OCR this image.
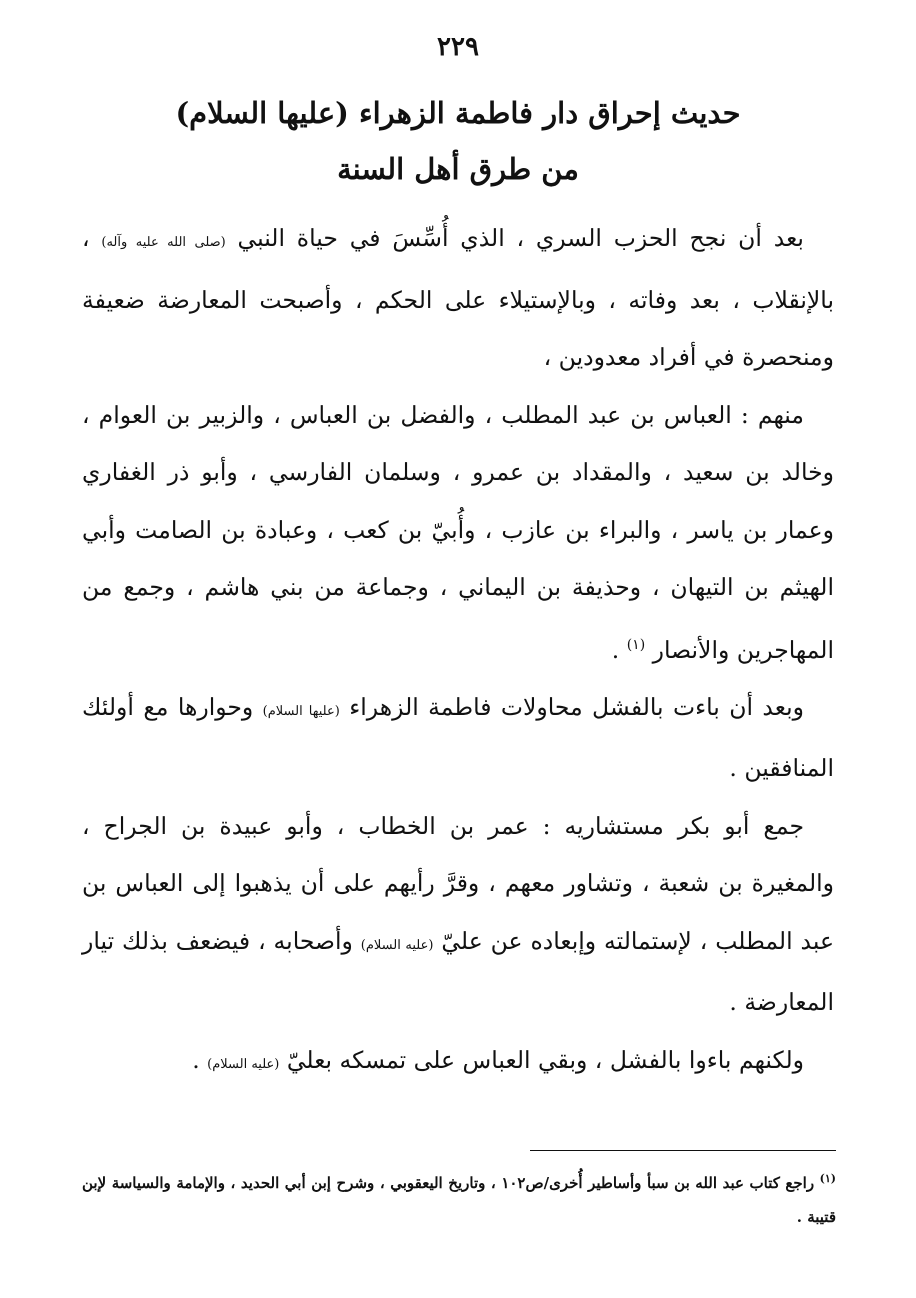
٢٢٩
حديث إحراق دار فاطمة الزهراء (عليها السلام)
من طرق أهل السنة

بعد أن نجح الحزب السري ، الذي أُسِّسَ في حياة النبي (صلى الله عليه وآله) ، بالإنقلاب ، بعد وفاته ، وبالإستيلاء على الحكم ، وأصبحت المعارضة ضعيفة ومنحصرة في أفراد معدودين ،

منهم : العباس بن عبد المطلب ، والفضل بن العباس ، والزبير بن العوام ، وخالد بن سعيد ، والمقداد بن عمرو ، وسلمان الفارسي ، وأبو ذر الغفاري وعمار بن ياسر ، والبراء بن عازب ، وأُبيّ بن كعب ، وعبادة بن الصامت وأبي الهيثم بن التيهان ، وحذيفة بن اليماني ، وجماعة من بني هاشم ، وجمع من المهاجرين والأنصار $^{(١)}$ .

وبعد أن باءت بالفشل محاولات فاطمة الزهراء (عليها السلام) وحوارها مع أولئك المنافقين .

جمع أبو بكر مستشاريه : عمر بن الخطاب ، وأبو عبيدة بن الجراح ، والمغيرة بن شعبة ، وتشاور معهم ، وقرَّ رأيهم على أن يذهبوا إلى العباس بن عبد المطلب ، لإستمالته وإبعاده عن عليّ (عليه السلام) وأصحابه ، فيضعف بذلك تيار المعارضة .

ولكنهم باءوا بالفشل ، وبقي العباس على تمسكه بعليّ (عليه السلام) .

$^{(١)}$ راجع كتاب عبد الله بن سبأ وأساطير أُخرى/ص١٠٢ ، وتاريخ اليعقوبي ، وشرح إبن أبي الحديد ، والإمامة والسياسة لإبن قتيبة .
